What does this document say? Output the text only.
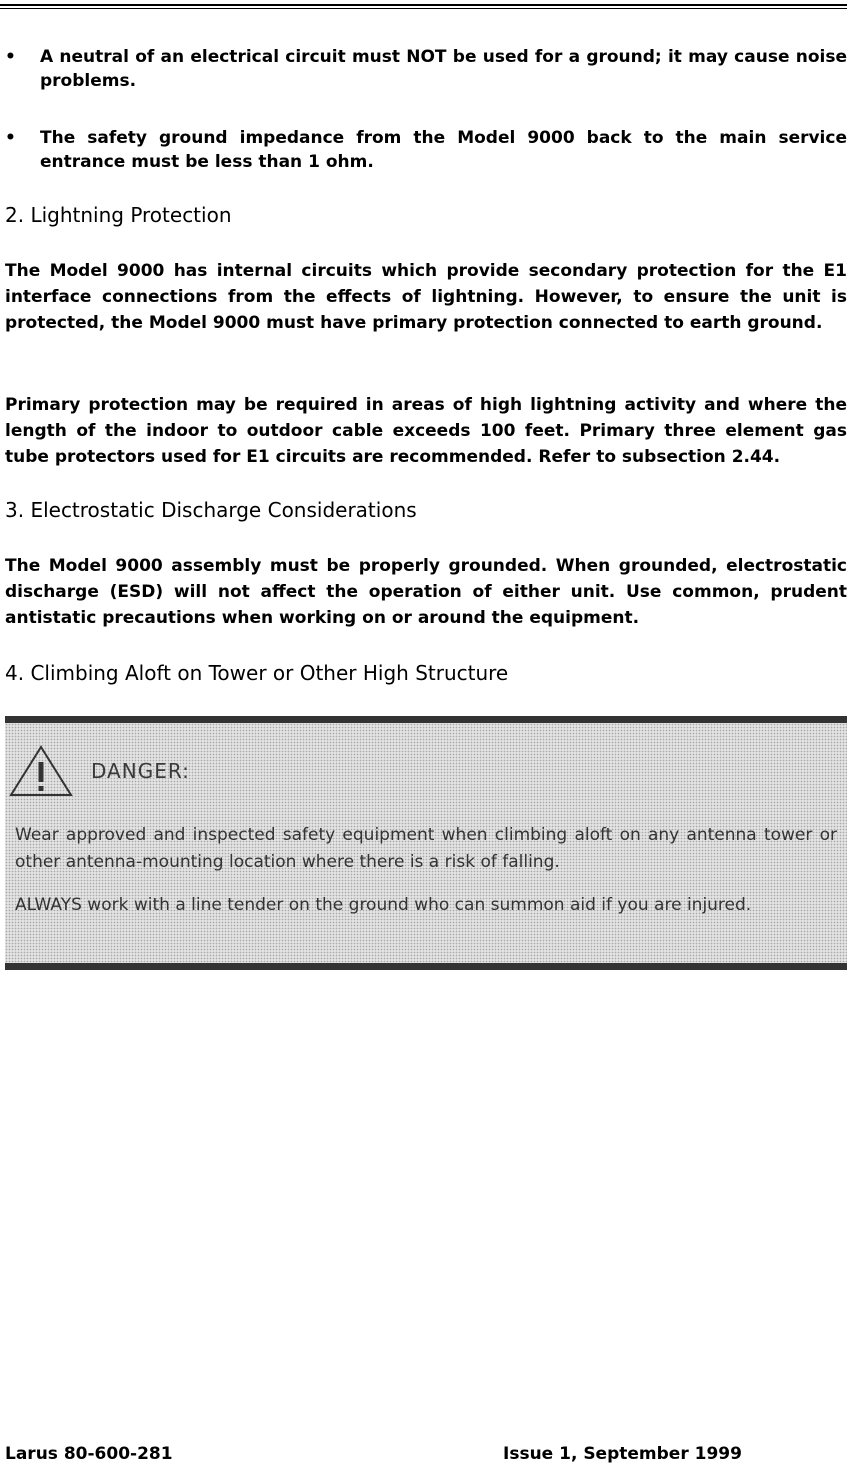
• A neutral of an electrical circuit must NOT be used for a ground; it may cause noise problems.
• The safety ground impedance from the Model 9000 back to the main service entrance must be less than 1 ohm.
2. Lightning Protection
The Model 9000 has internal circuits which provide secondary protection for the E1 interface connections from the effects of lightning. However, to ensure the unit is protected, the Model 9000 must have primary protection connected to earth ground.
Primary protection may be required in areas of high lightning activity and where the length of the indoor to outdoor cable exceeds 100 feet. Primary three element gas tube protectors used for E1 circuits are recommended. Refer to subsection 2.44.
3. Electrostatic Discharge Considerations
The Model 9000 assembly must be properly grounded. When grounded, electrostatic discharge (ESD) will not affect the operation of either unit. Use common, prudent antistatic precautions when working on or around the equipment.
4. Climbing Aloft on Tower or Other High Structure
DANGER:
Wear approved and inspected safety equipment when climbing aloft on any antenna tower or other antenna-mounting location where there is a risk of falling.
ALWAYS work with a line tender on the ground who can summon aid if you are injured.
Larus 80-600-281	Issue 1, September 1999
